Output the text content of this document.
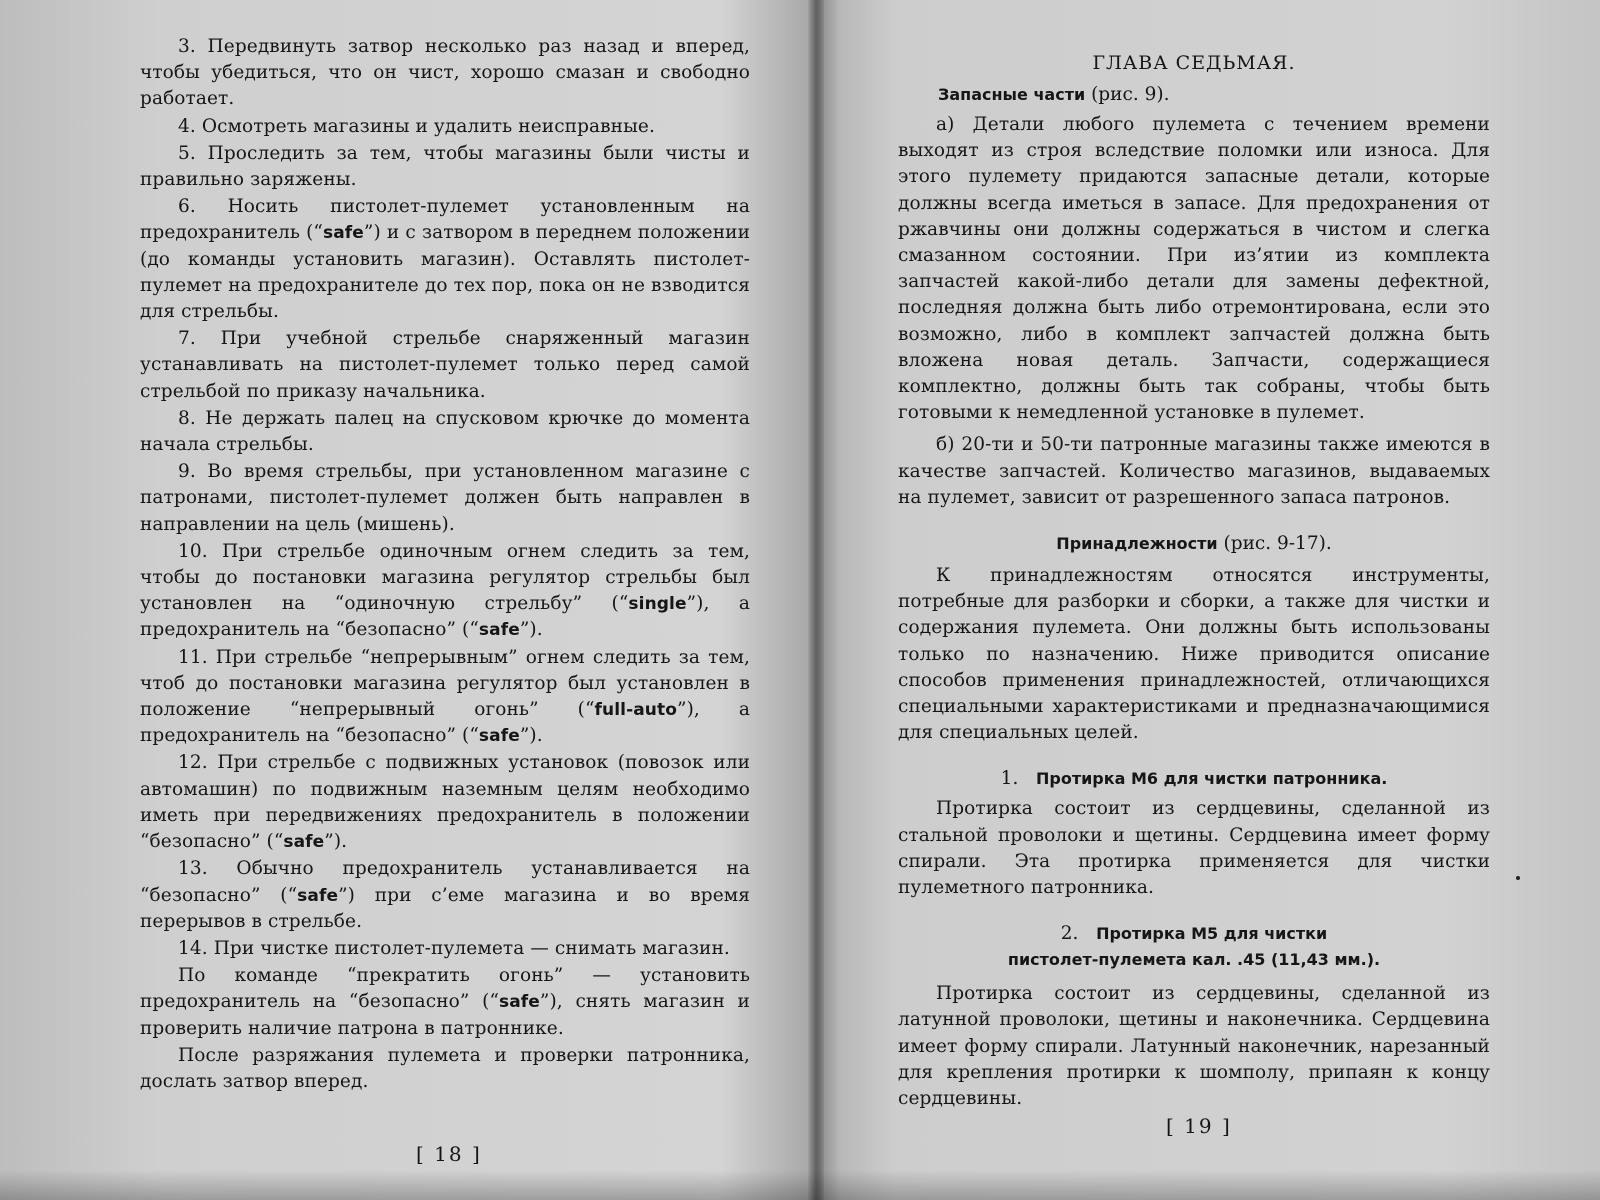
3. Передвинуть затвор несколько раз назад и вперед, чтобы убедиться, что он чист, хорошо смазан и свободно работает.

4. Осмотреть магазины и удалить неисправные.

5. Проследить за тем, чтобы магазины были чисты и правильно заряжены.

6. Носить пистолет-пулемет установленным на предохранитель (“safe”) и с затвором в переднем положении (до команды установить магазин). Оставлять пистолет-пулемет на предохранителе до тех пор, пока он не взводится для стрельбы.

7. При учебной стрельбе снаряженный магазин устанавливать на пистолет-пулемет только перед самой стрельбой по приказу начальника.

8. Не держать палец на спусковом крючке до момента начала стрельбы.

9. Во время стрельбы, при установленном магазине с патронами, пистолет-пулемет должен быть направлен в направлении на цель (мишень).

10. При стрельбе одиночным огнем следить за тем, чтобы до постановки магазина регулятор стрельбы был установлен на “одиночную стрельбу” (“single”), а предохранитель на “безопасно” (“safe”).

11. При стрельбе “непрерывным” огнем следить за тем, чтоб до постановки магазина регулятор был установлен в положение “непрерывный огонь” (“full-auto”), а предохранитель на “безопасно” (“safe”).

12. При стрельбе с подвижных установок (повозок или автомашин) по подвижным наземным целям необходимо иметь при передвижениях предохранитель в положении “безопасно” (“safe”).

13. Обычно предохранитель устанавливается на “безопасно” (“safe”) при с’еме магазина и во время перерывов в стрельбе.

14. При чистке пистолет-пулемета — снимать магазин.

По команде “прекратить огонь” — установить предохранитель на “безопасно” (“safe”), снять магазин и проверить наличие патрона в патроннике.

После разряжания пулемета и проверки патронника, дослать затвор вперед.

[ 18 ]
ГЛАВА СЕДЬМАЯ.

Запасные части (рис. 9).

а) Детали любого пулемета с течением времени выходят из строя вследствие поломки или износа. Для этого пулемету придаются запасные детали, которые должны всегда иметься в запасе. Для предохранения от ржавчины они должны содержаться в чистом и слегка смазанном состоянии. При из’ятии из комплекта запчастей какой-либо детали для замены дефектной, последняя должна быть либо отремонтирована, если это возможно, либо в комплект запчастей должна быть вложена новая деталь. Запчасти, содержащиеся комплектно, должны быть так собраны, чтобы быть готовыми к немедленной установке в пулемет.

б) 20-ти и 50-ти патронные магазины также имеются в качестве запчастей. Количество магазинов, выдаваемых на пулемет, зависит от разрешенного запаса патронов.

Принадлежности (рис. 9-17).

К принадлежностям относятся инструменты, потребные для разборки и сборки, а также для чистки и содержания пулемета. Они должны быть использованы только по назначению. Ниже приводится описание способов применения принадлежностей, отличающихся специальными характеристиками и предназначающимися для специальных целей.

1. Протирка М6 для чистки патронника.

Протирка состоит из сердцевины, сделанной из стальной проволоки и щетины. Сердцевина имеет форму спирали. Эта протирка применяется для чистки пулеметного патронника.

2. Протирка М5 для чистки

пистолет-пулемета кал. .45 (11,43 мм.).

Протирка состоит из сердцевины, сделанной из латунной проволоки, щетины и наконечника. Сердцевина имеет форму спирали. Латунный наконечник, нарезанный для крепления протирки к шомполу, припаян к концу сердцевины.

[ 19 ]
